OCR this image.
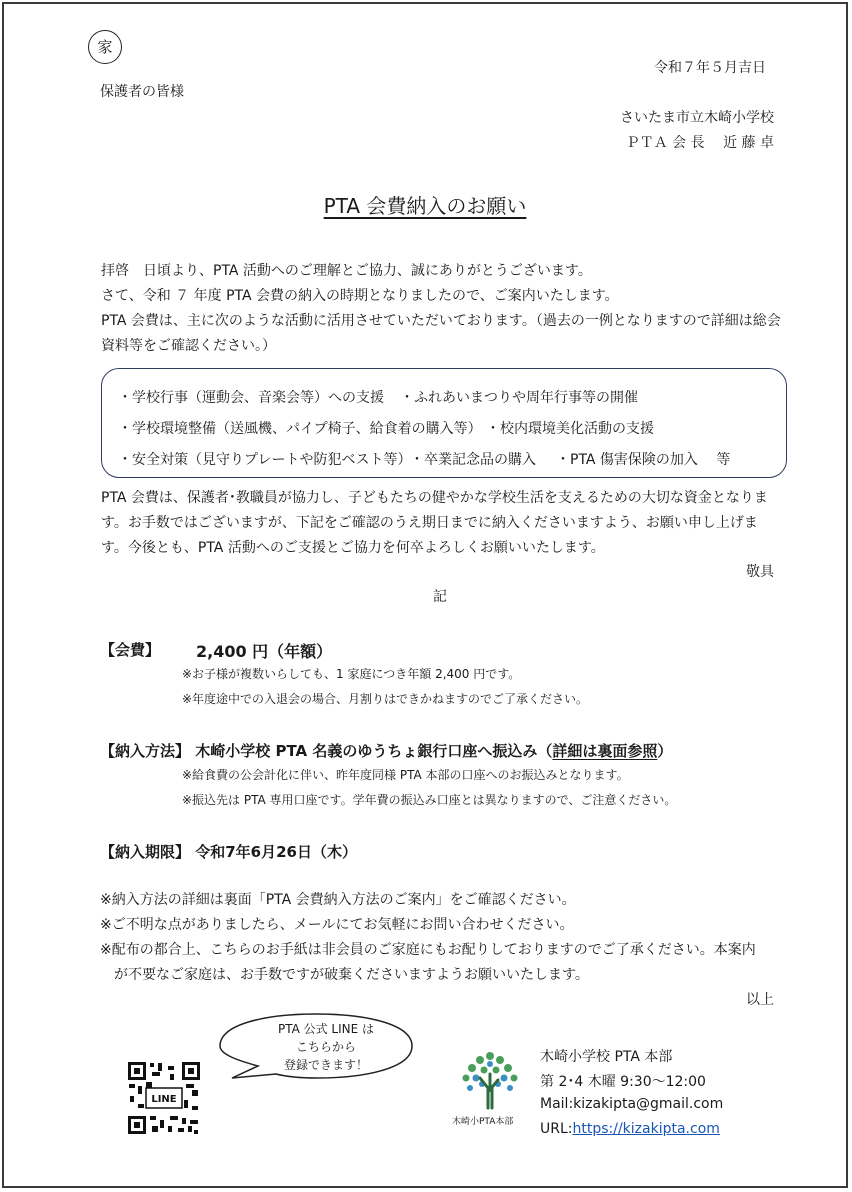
家
令和７年５月吉日
保護者の皆様
さいたま市立木崎小学校
ＰＴＡ 会 長　 近 藤 卓
PTA 会費納入のお願い
拝啓　日頃より、PTA 活動へのご理解とご協力、誠にありがとうございます。
さて、令和 ７ 年度 PTA 会費の納入の時期となりましたので、ご案内いたします。
PTA 会費は、主に次のような活動に活用させていただいております。（過去の一例となりますので詳細は総会資料等をご確認ください。）
・学校行事（運動会、音楽会等）への支援 ・ふれあいまつりや周年行事等の開催
・学校環境整備（送風機、パイプ椅子、給食着の購入等） ・校内環境美化活動の支援
・安全対策（見守りプレートや防犯ベスト等）
・卒業記念品の購入 ・PTA 傷害保険の加入　 等
PTA 会費は、保護者･教職員が協力し、子どもたちの健やかな学校生活を支えるための大切な資金となります。お手数ではございますが、下記をご確認のうえ期日までに納入くださいますよう、お願い申し上げます。今後とも、PTA 活動へのご支援とご協力を何卒よろしくお願いいたします。
敬具
記
【会費】 2,400 円（年額）
※お子様が複数いらしても、1 家庭につき年額 2,400 円です。
※年度途中での入退会の場合、月割りはできかねますのでご了承ください。
【納入方法】 木崎小学校 PTA 名義のゆうちょ銀行口座へ振込み（詳細は裏面参照）
※給食費の公会計化に伴い、昨年度同様 PTA 本部の口座へのお振込みとなります。
※振込先は PTA 専用口座です。学年費の振込み口座とは異なりますので、ご注意ください。
【納入期限】 令和7年6月26日（木）
※納入方法の詳細は裏面「PTA 会費納入方法のご案内」をご確認ください。
※ご不明な点がありましたら、メールにてお気軽にお問い合わせください。
※配布の都合上、こちらのお手紙は非会員のご家庭にもお配りしておりますのでご了承ください。本案内
が不要なご家庭は、お手数ですが破棄くださいますようお願いいたします。
以上
LINE
PTA 公式 LINE は
こちらから
登録できます！
木崎小PTA本部
木崎小学校 PTA 本部
第 2･4 木曜 9:30～12:00
Mail:kizakipta@gmail.com
URL:https://kizakipta.com
